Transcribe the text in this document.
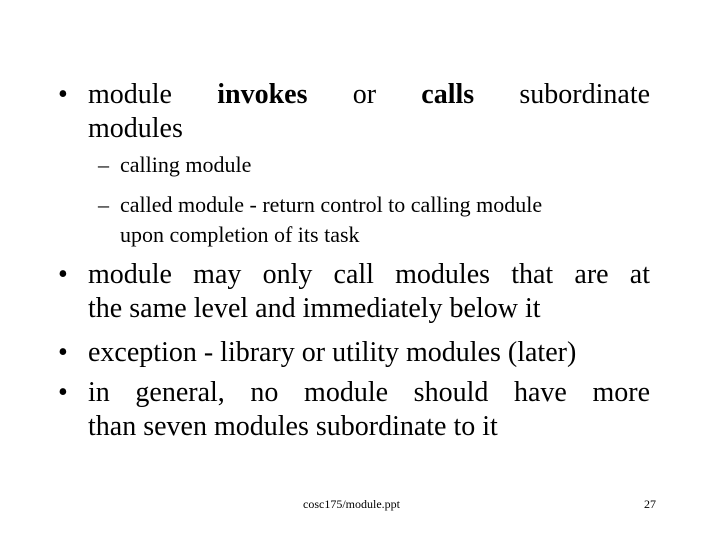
• module invokes or calls subordinate
modules
– calling module
– called module - return control to calling module
upon completion of its task
• module may only call modules that are at
the same level and immediately below it
• exception - library or utility modules (later)
• in general, no module should have more
than seven modules subordinate to it
cosc175/module.ppt	27
